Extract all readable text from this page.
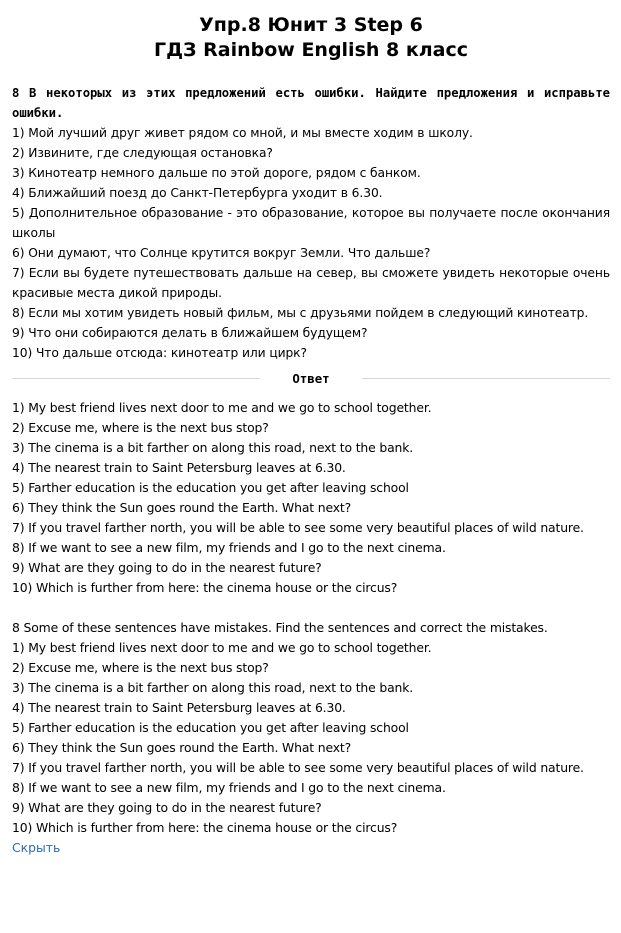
Упр.8 Юнит 3 Step 6
ГДЗ Rainbow English 8 класс

8 В некоторых из этих предложений есть ошибки. Найдите предложения и исправьте ошибки.

1) Мой лучший друг живет рядом со мной, и мы вместе ходим в школу.

2) Извините, где следующая остановка?

3) Кинотеатр немного дальше по этой дороге, рядом с банком.

4) Ближайший поезд до Санкт-Петербурга уходит в 6.30.

5) Дополнительное образование - это образование, которое вы получаете после окончания школы

6) Они думают, что Солнце крутится вокруг Земли. Что дальше?

7) Если вы будете путешествовать дальше на север, вы сможете увидеть некоторые очень красивые места дикой природы.

8) Если мы хотим увидеть новый фильм, мы с друзьями пойдем в следующий кинотеатр.

9) Что они собираются делать в ближайшем будущем?

10) Что дальше отсюда: кинотеатр или цирк?

Ответ

1) My best friend lives next door to me and we go to school together.

2) Excuse me, where is the next bus stop?

3) The cinema is a bit farther on along this road, next to the bank.

4) The nearest train to Saint Petersburg leaves at 6.30.

5) Farther education is the education you get after leaving school

6) They think the Sun goes round the Earth. What next?

7) If you travel farther north, you will be able to see some very beautiful places of wild nature.

8) If we want to see a new film, my friends and I go to the next cinema.

9) What are they going to do in the nearest future?

10) Which is further from here: the cinema house or the circus?

8 Some of these sentences have mistakes. Find the sentences and correct the mistakes.

1) My best friend lives next door to me and we go to school together.

2) Excuse me, where is the next bus stop?

3) The cinema is a bit farther on along this road, next to the bank.

4) The nearest train to Saint Petersburg leaves at 6.30.

5) Farther education is the education you get after leaving school

6) They think the Sun goes round the Earth. What next?

7) If you travel farther north, you will be able to see some very beautiful places of wild nature.

8) If we want to see a new film, my friends and I go to the next cinema.

9) What are they going to do in the nearest future?

10) Which is further from here: the cinema house or the circus?

Скрыть
